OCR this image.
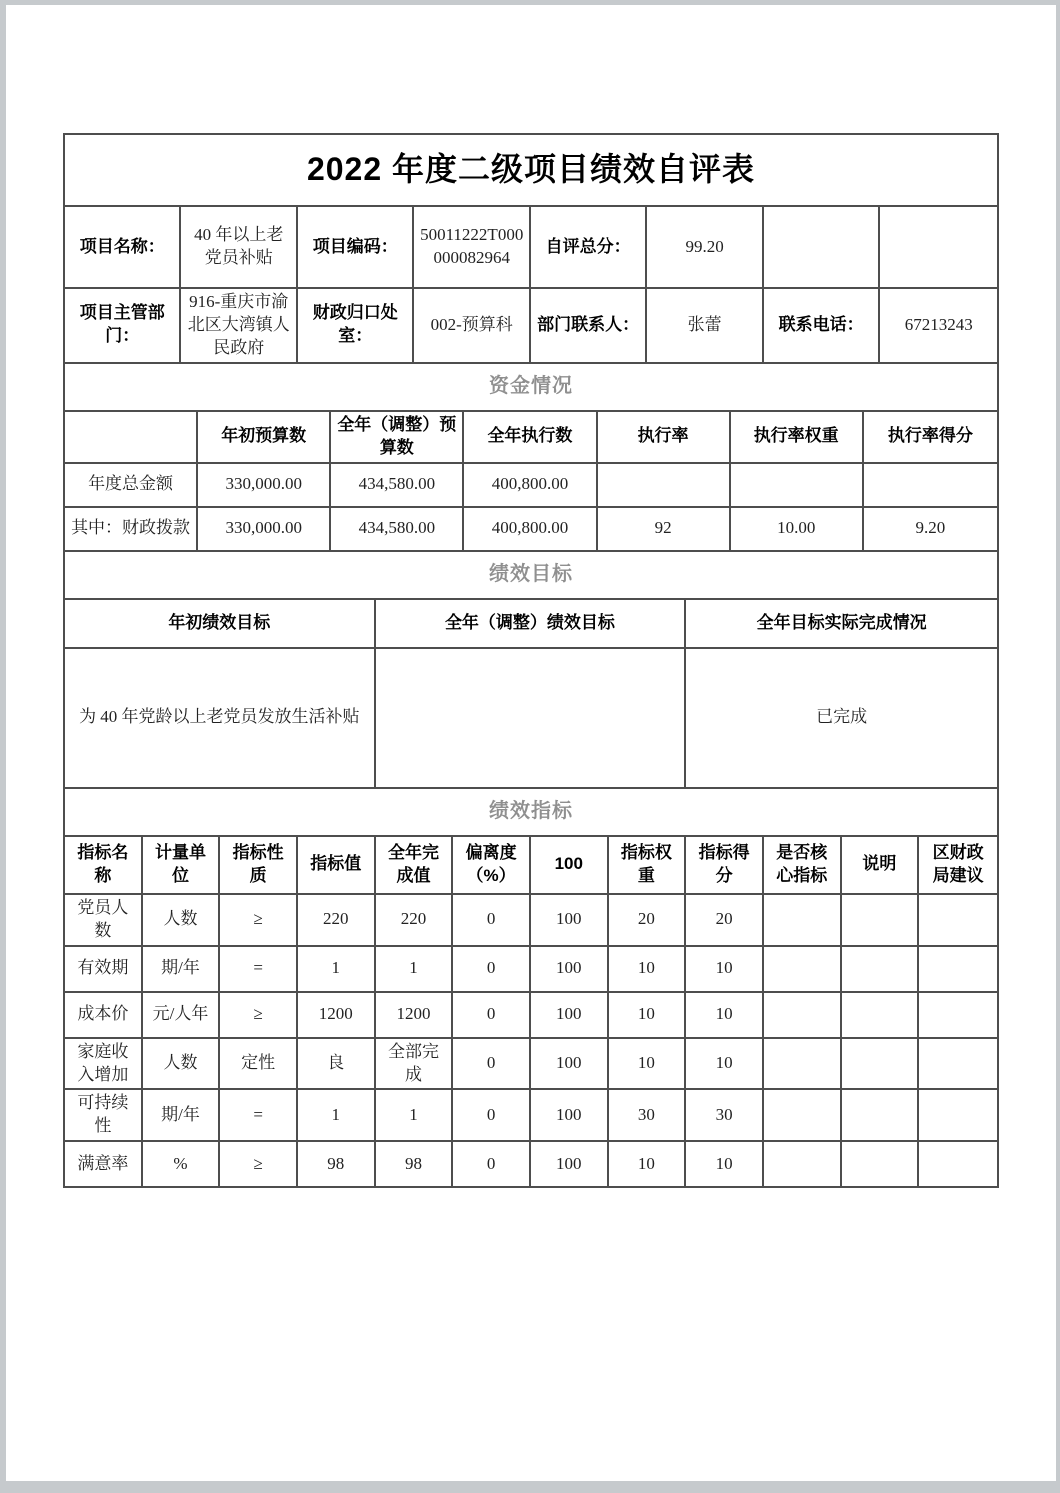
2022 年度二级项目绩效自评表																					
项目名称：		40 年以上老党员补贴			项目编码：			50011222T000000082964			自评总分：			99.20							
项目主管部门：		916-重庆市渝北区大湾镇人民政府			财政归口处室：			002-预算科			部门联系人：			张蕾			联系电话：			67213243	
资金情况																					
			年初预算数			全年（调整）预算数				全年执行数		执行率				执行率权重			执行率得分		
年度总金额			330,000.00			434,580.00				400,800.00											
其中：财政拨款			330,000.00			434,580.00				400,800.00		92				10.00			9.20		
绩效目标																					
年初绩效目标							全年（调整）绩效目标								全年目标实际完成情况						
为 40 年党龄以上老党员发放生活补贴															已完成						
绩效指标																					
指标名称	计量单位			指标性质	指标值		全年完成值		偏离度（%）		100		指标权重		指标得分		是否核心指标	说明			区财政局建议
党员人数	人数			≥	220		220		0		100		20		20						
有效期	期/年			=	1		1		0		100		10		10						
成本价	元/人年			≥	1200		1200		0		100		10		10						
家庭收入增加	人数			定性	良		全部完成		0		100		10		10						
可持续性	期/年			=	1		1		0		100		30		30						
满意率	%			≥	98		98		0		100		10		10						
